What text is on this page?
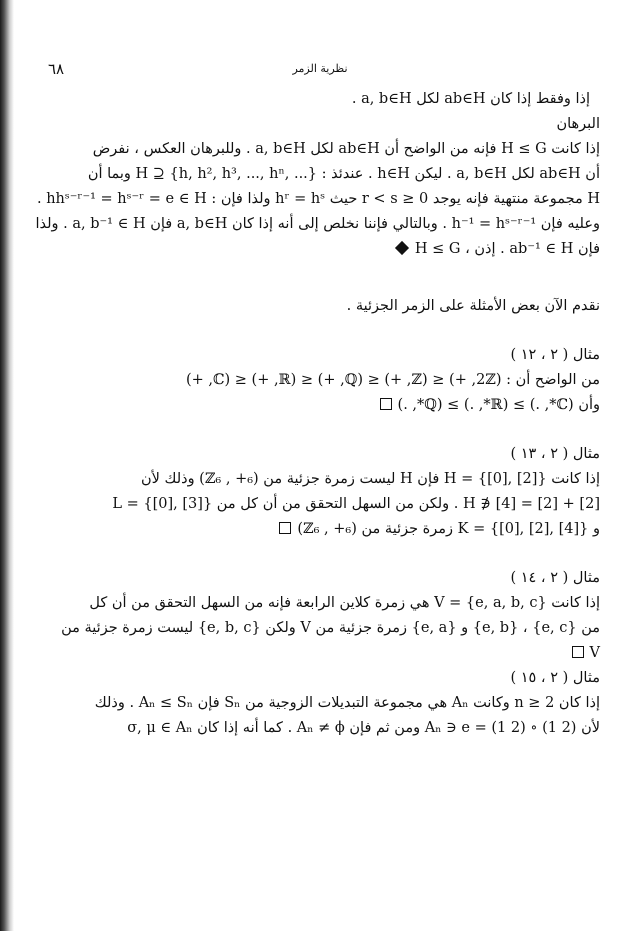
٦٨	نظرية الزمر

إذا وفقط إذا كان ab∈H لكل a, b∈H .

البرهان

إذا كانت H ≤ G فإنه من الواضح أن ab∈H لكل a, b∈H . وللبرهان العكس ، نفرض

أن ab∈H لكل a, b∈H . ليكن h∈H . عندئذ : H ⊇ {h, h², h³, ..., hⁿ, ...} وبما أن

H مجموعة منتهية فإنه يوجد 0 ≤ r < s حيث hʳ = hˢ ولذا فإن : hhˢ⁻ʳ⁻¹ = hˢ⁻ʳ = e ∈ H .

وعليه فإن h⁻¹ = hˢ⁻ʳ⁻¹ . وبالتالي فإننا نخلص إلى أنه إذا كان a, b∈H فإن a, b⁻¹ ∈ H . ولذا

فإن ab⁻¹ ∈ H . إذن ، H ≤ G

نقدم الآن بعض الأمثلة على الزمر الجزئية .

مثال ( ٢ ، ١٢ )

من الواضح أن : (2ℤ, +) ≤ (ℤ, +) ≤ (ℚ, +) ≤ (ℝ, +) ≤ (ℂ, +)

وأن (ℂ*, .) ≥ (ℝ*, .) ≥ (ℚ*, .)

مثال ( ٢ ، ١٣ )

إذا كانت H = {[0], [2]} فإن H ليست زمرة جزئية من (ℤ₆ , +₆) وذلك لأن

[2] + [2] = [4] ∉ H . ولكن من السهل التحقق من أن كل من L = {[0], [3]}

و K = {[0], [2], [4]} زمرة جزئية من (ℤ₆ , +₆)

مثال ( ٢ ، ١٤ )

إذا كانت V = {e, a, b, c} هي زمرة كلاين الرابعة فإنه من السهل التحقق من أن كل

من {e, c} ، {e, b} و {e, a} زمرة جزئية من V ولكن {e, b, c} ليست زمرة جزئية من

V

مثال ( ٢ ، ١٥ )

إذا كان n ≥ 2 وكانت Aₙ هي مجموعة التبديلات الزوجية من Sₙ فإن Aₙ ≤ Sₙ . وذلك

لأن Aₙ ∋ e = (1 2) ∘ (1 2) ومن ثم فإن Aₙ ≠ ϕ . كما أنه إذا كان σ, μ ∈ Aₙ
